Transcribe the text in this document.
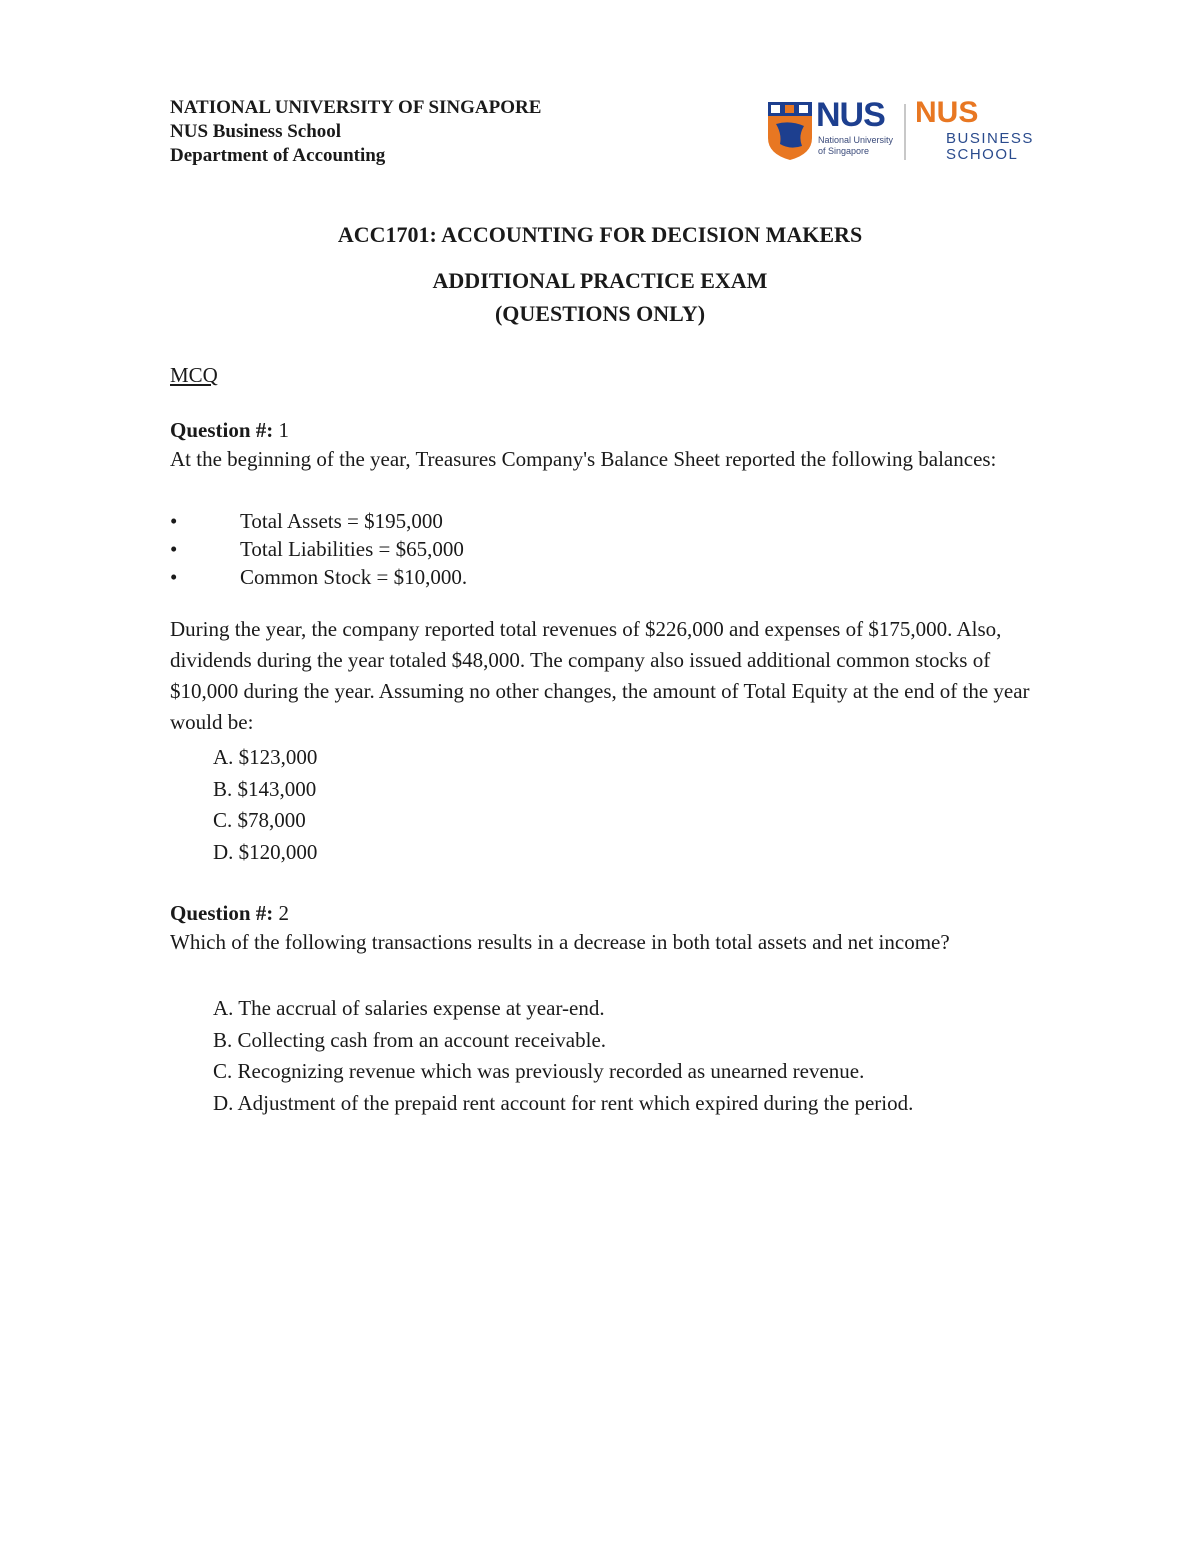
NATIONAL UNIVERSITY OF SINGAPORE
NUS Business School
Department of Accounting
NUS
National University
of Singapore
NUS
BUSINESS
SCHOOL
ACC1701: ACCOUNTING FOR DECISION MAKERS
ADDITIONAL PRACTICE EXAM
(QUESTIONS ONLY)
MCQ
Question #: 1
At the beginning of the year, Treasures Company's Balance Sheet reported the following balances:
•	Total Assets = $195,000
•	Total Liabilities = $65,000
•	Common Stock = $10,000.
During the year, the company reported total revenues of $226,000 and expenses of $175,000. Also, dividends during the year totaled $48,000. The company also issued additional common stocks of $10,000 during the year. Assuming no other changes, the amount of Total Equity at the end of the year would be:
A. $123,000
B. $143,000
C. $78,000
D. $120,000
Question #: 2
Which of the following transactions results in a decrease in both total assets and net income?
A. The accrual of salaries expense at year-end.
B. Collecting cash from an account receivable.
C. Recognizing revenue which was previously recorded as unearned revenue.
D. Adjustment of the prepaid rent account for rent which expired during the period.
